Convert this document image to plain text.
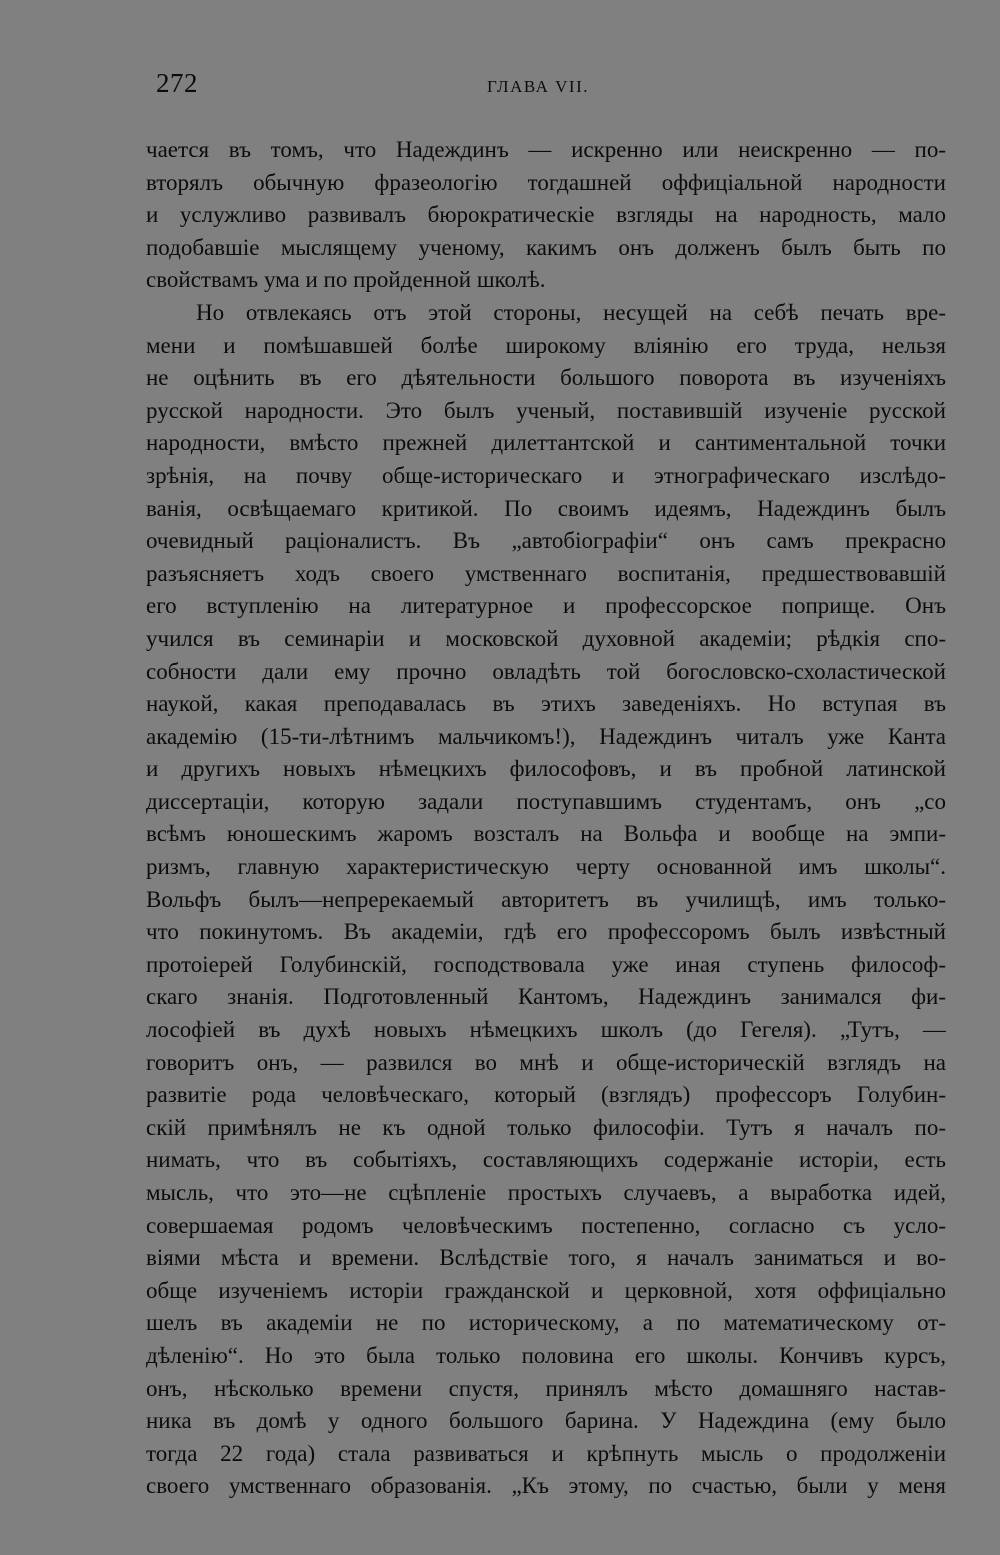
272	ГЛАВА VII.
чается въ томъ, что Надеждинъ — искренно или неискренно — по-
вторялъ обычную фразеологію тогдашней оффиціальной народности
и услужливо развивалъ бюрократическіе взгляды на народность, мало
подобавшіе мыслящему ученому, какимъ онъ долженъ былъ быть по
свойствамъ ума и по пройденной школѣ.
Но отвлекаясь отъ этой стороны, несущей на себѣ печать вре-
мени и помѣшавшей болѣе широкому вліянію его труда, нельзя
не оцѣнить въ его дѣятельности большого поворота въ изученіяхъ
русской народности. Это былъ ученый, поставившій изученіе русской
народности, вмѣсто прежней дилеттантской и сантиментальной точки
зрѣнія, на почву обще-историческаго и этнографическаго изслѣдо-
ванія, освѣщаемаго критикой. По своимъ идеямъ, Надеждинъ былъ
очевидный раціоналистъ. Въ „автобіографіи“ онъ самъ прекрасно
разъясняетъ ходъ своего умственнаго воспитанія, предшествовавшій
его вступленію на литературное и профессорское поприще. Онъ
учился въ семинаріи и московской духовной академіи; рѣдкія спо-
собности дали ему прочно овладѣть той богословско-схоластической
наукой, какая преподавалась въ этихъ заведеніяхъ. Но вступая въ
академію (15-ти-лѣтнимъ мальчикомъ!), Надеждинъ читалъ уже Канта
и другихъ новыхъ нѣмецкихъ философовъ, и въ пробной латинской
диссертаціи, которую задали поступавшимъ студентамъ, онъ „со
всѣмъ юношескимъ жаромъ возсталъ на Вольфа и вообще на эмпи-
ризмъ, главную характеристическую черту основанной имъ школы“.
Вольфъ былъ—непререкаемый авторитетъ въ училищѣ, имъ только-
что покинутомъ. Въ академіи, гдѣ его профессоромъ былъ извѣстный
протоіерей Голубинскій, господствовала уже иная ступень философ-
скаго знанія. Подготовленный Кантомъ, Надеждинъ занимался фи-
лософіей въ духѣ новыхъ нѣмецкихъ школъ (до Гегеля). „Тутъ, —
говоритъ онъ, — развился во мнѣ и обще-историческій взглядъ на
развитіе рода человѣческаго, который (взглядъ) профессоръ Голубин-
скій примѣнялъ не къ одной только философіи. Тутъ я началъ по-
нимать, что въ событіяхъ, составляющихъ содержаніе исторіи, есть
мысль, что это—не сцѣпленіе простыхъ случаевъ, а выработка идей,
совершаемая родомъ человѣческимъ постепенно, согласно съ усло-
віями мѣста и времени. Вслѣдствіе того, я началъ заниматься и во-
обще изученіемъ исторіи гражданской и церковной, хотя оффиціально
шелъ въ академіи не по историческому, а по математическому от-
дѣленію“. Но это была только половина его школы. Кончивъ курсъ,
онъ, нѣсколько времени спустя, принялъ мѣсто домашняго настав-
ника въ домѣ у одного большого барина. У Надеждина (ему было
тогда 22 года) стала развиваться и крѣпнуть мысль о продолженіи
своего умственнаго образованія. „Къ этому, по счастью, были у меня
